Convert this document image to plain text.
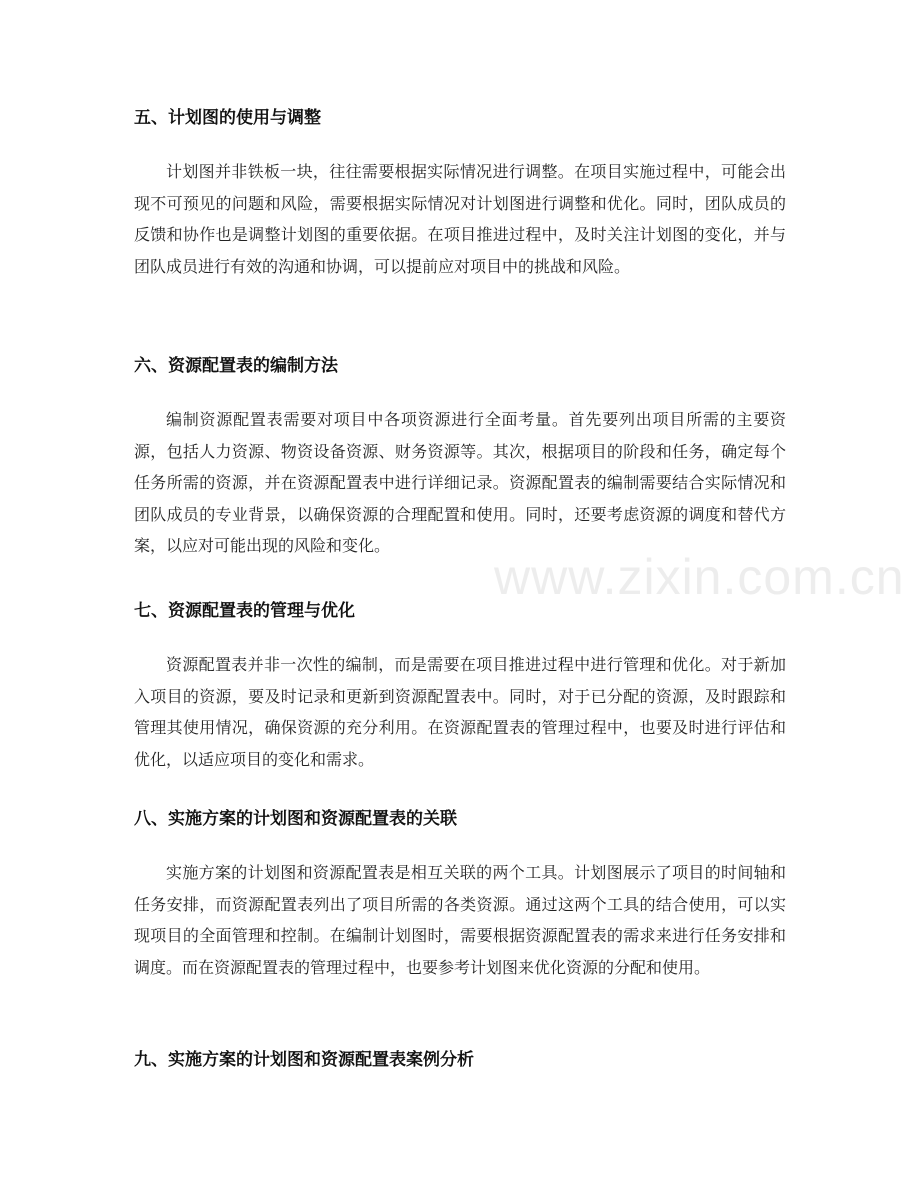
五、计划图的使用与调整

计划图并非铁板一块，往往需要根据实际情况进行调整。在项目实施过程中，可能会出现不可预见的问题和风险，需要根据实际情况对计划图进行调整和优化。同时，团队成员的反馈和协作也是调整计划图的重要依据。在项目推进过程中，及时关注计划图的变化，并与团队成员进行有效的沟通和协调，可以提前应对项目中的挑战和风险。

六、资源配置表的编制方法

编制资源配置表需要对项目中各项资源进行全面考量。首先要列出项目所需的主要资源，包括人力资源、物资设备资源、财务资源等。其次，根据项目的阶段和任务，确定每个任务所需的资源，并在资源配置表中进行详细记录。资源配置表的编制需要结合实际情况和团队成员的专业背景，以确保资源的合理配置和使用。同时，还要考虑资源的调度和替代方案，以应对可能出现的风险和变化。

七、资源配置表的管理与优化

资源配置表并非一次性的编制，而是需要在项目推进过程中进行管理和优化。对于新加入项目的资源，要及时记录和更新到资源配置表中。同时，对于已分配的资源，及时跟踪和管理其使用情况，确保资源的充分利用。在资源配置表的管理过程中，也要及时进行评估和优化，以适应项目的变化和需求。

八、实施方案的计划图和资源配置表的关联

实施方案的计划图和资源配置表是相互关联的两个工具。计划图展示了项目的时间轴和任务安排，而资源配置表列出了项目所需的各类资源。通过这两个工具的结合使用，可以实现项目的全面管理和控制。在编制计划图时，需要根据资源配置表的需求来进行任务安排和调度。而在资源配置表的管理过程中，也要参考计划图来优化资源的分配和使用。

九、实施方案的计划图和资源配置表案例分析
www.zixin.com.cn
